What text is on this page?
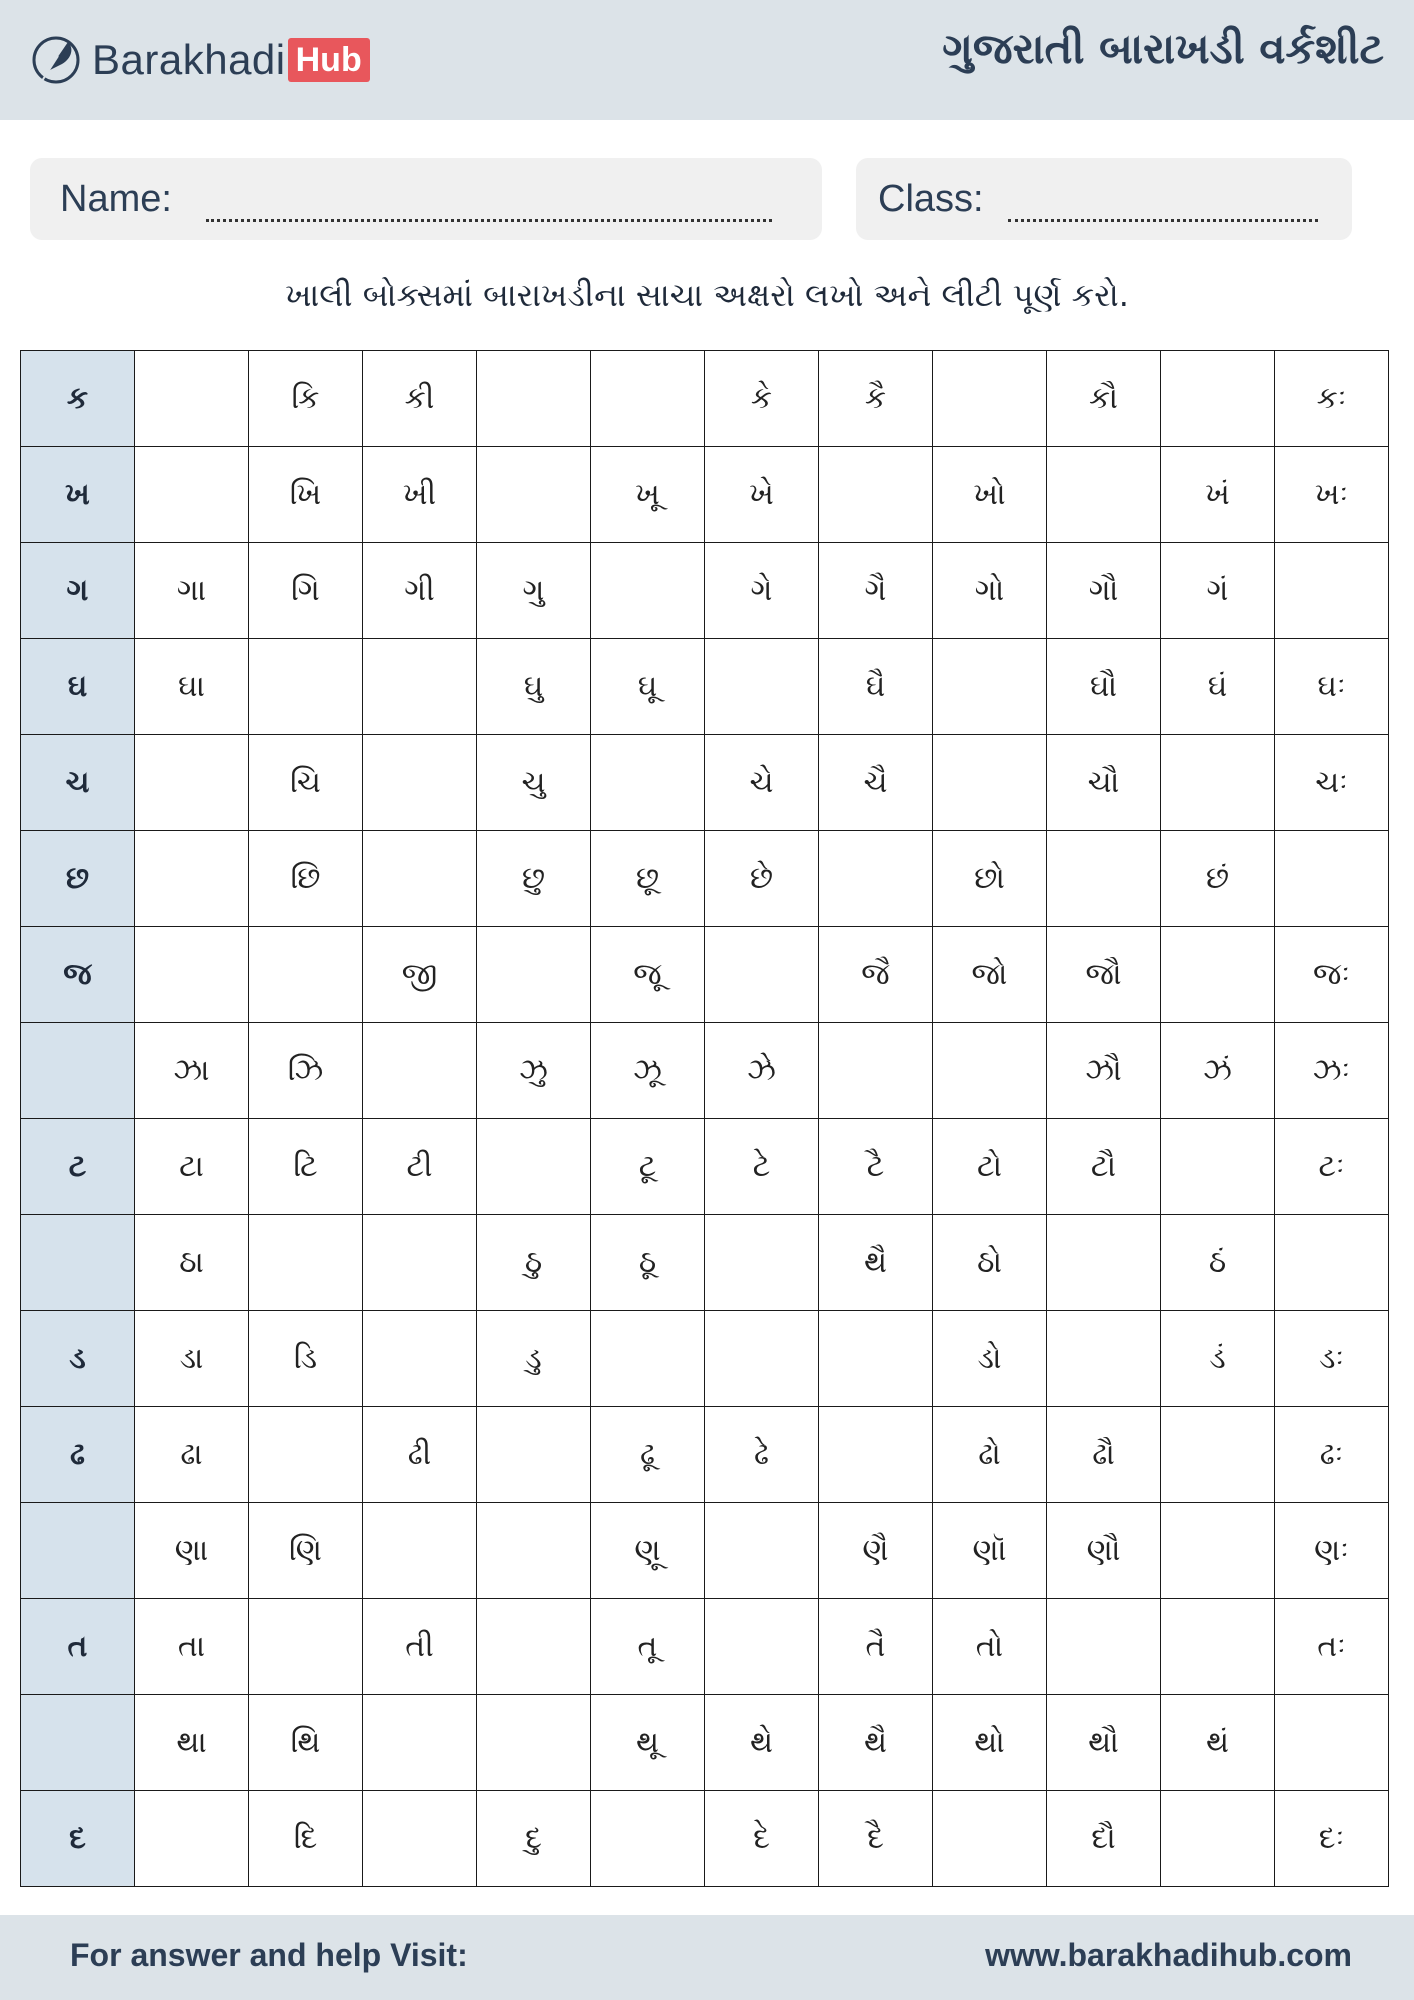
Barakhadi Hub	ગુજરાતી બારાખડી વર્કશીટ
Name:	Class:
ખાલી બોક્સમાં બારાખડીના સાચા અક્ષરો લખો અને લીટી પૂર્ણ કરો.
ક		કિ	કી			કે	કૈ		કૌ		કઃ
ખ		ખિ	ખી		ખૂ	ખે		ખો		ખં	ખઃ
ગ	ગા	ગિ	ગી	ગુ		ગે	ગૈ	ગો	ગૌ	ગં	
ઘ	ઘા			ઘુ	ઘૂ		ઘૈ		ઘૌ	ઘં	ઘઃ
ચ		ચિ		ચુ		ચે	ચૈ		ચૌ		ચઃ
છ		છિ		છુ	છૂ	છે		છો		છં	
જ			જી		જૂ		જૈ	જો	જૌ		જઃ
	ઝા	ઝિ		ઝુ	ઝૂ	ઝે			ઝૌ	ઝં	ઝઃ
ટ	ટા	ટિ	ટી		ટૂ	ટે	ટૈ	ટો	ટૌ		ટઃ
	ઠા			ઠુ	ઠૂ		થૈ	ઠો		ઠં	
ડ	ડા	ડિ		ડુ				ડો		ડં	ડઃ
ઢ	ઢા		ઢી		ઢૂ	ઢે		ઢો	ઢૌ		ઢઃ
	ણા	ણિ			ણૂ		ણૈ	ણૉ	ણૌ		ણઃ
ત	તા		તી		તૂ		તૈ	તો			તઃ
	થા	થિ			થૂ	થે	થૈ	થો	થૌ	થં	
દ		દિ		દુ		દે	દૈ		દૌ		દઃ
For answer and help Visit:	www.barakhadihub.com
